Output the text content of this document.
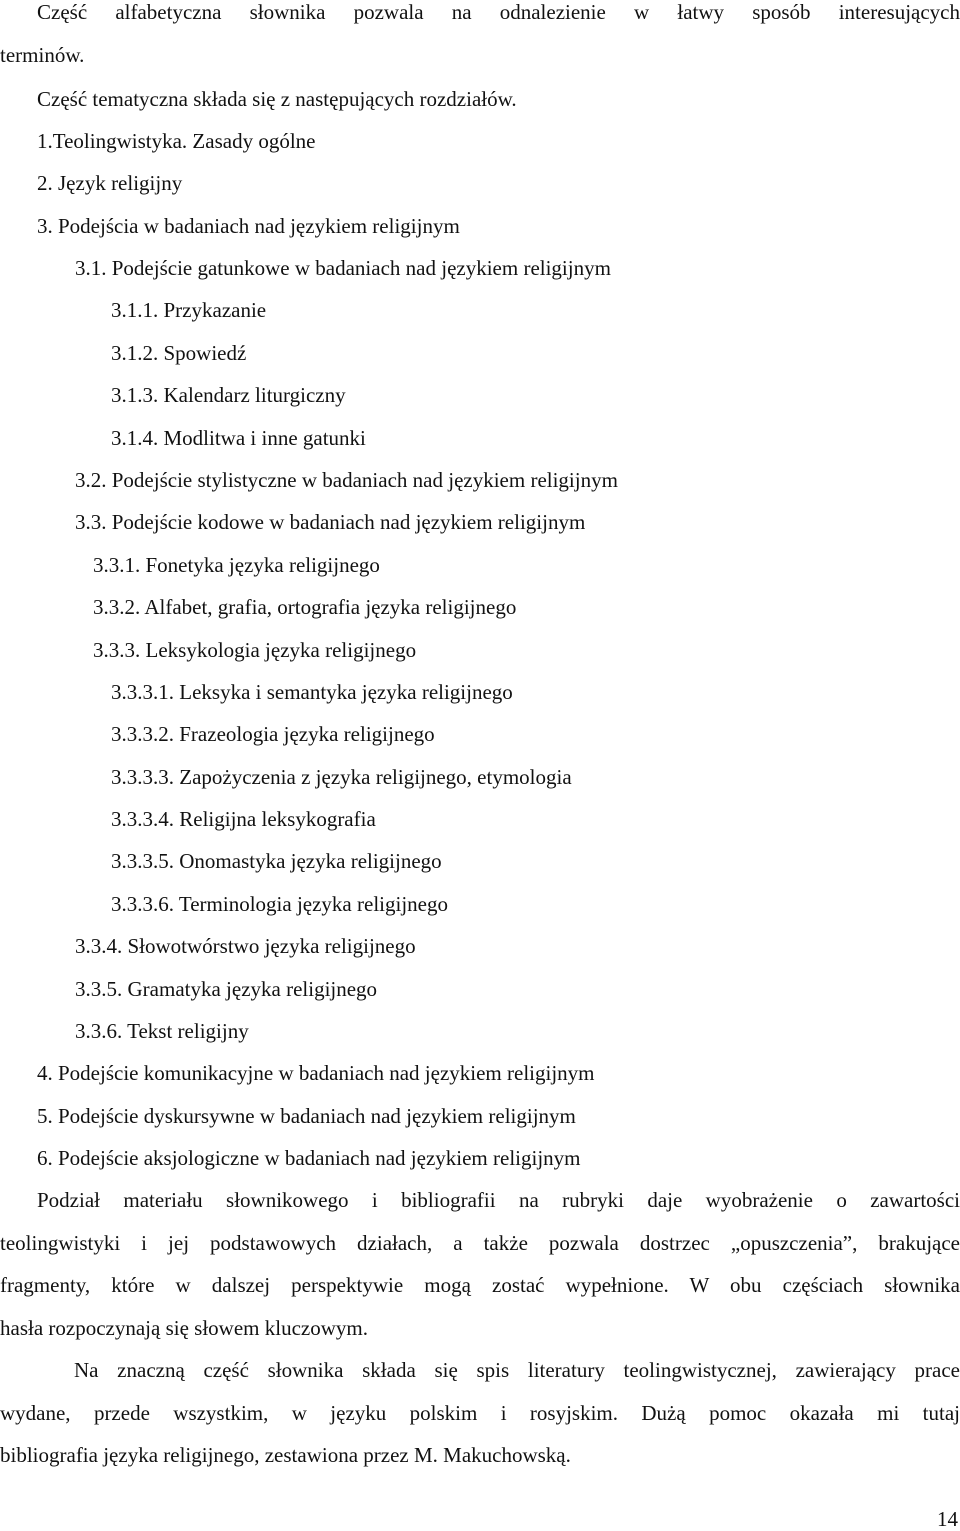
Część alfabetyczna słownika pozwala na odnalezienie w łatwy sposób interesujących
terminów.
Część tematyczna składa się z następujących rozdziałów.
1.Teolingwistyka. Zasady ogólne
2. Język religijny
3. Podejścia w badaniach nad językiem religijnym
3.1. Podejście gatunkowe w badaniach nad językiem religijnym
3.1.1. Przykazanie
3.1.2. Spowiedź
3.1.3. Kalendarz liturgiczny
3.1.4. Modlitwa i inne gatunki
3.2. Podejście stylistyczne w badaniach nad językiem religijnym
3.3. Podejście kodowe w badaniach nad językiem religijnym
3.3.1. Fonetyka języka religijnego
3.3.2. Alfabet, grafia, ortografia języka religijnego
3.3.3. Leksykologia języka religijnego
3.3.3.1. Leksyka i semantyka języka religijnego
3.3.3.2. Frazeologia języka religijnego
3.3.3.3. Zapożyczenia z języka religijnego, etymologia
3.3.3.4. Religijna leksykografia
3.3.3.5. Onomastyka języka religijnego
3.3.3.6. Terminologia języka religijnego
3.3.4. Słowotwórstwo języka religijnego
3.3.5. Gramatyka języka religijnego
3.3.6. Tekst religijny
4. Podejście komunikacyjne w badaniach nad językiem religijnym
5. Podejście dyskursywne w badaniach nad językiem religijnym
6. Podejście aksjologiczne w badaniach nad językiem religijnym
Podział materiału słownikowego i bibliografii na rubryki daje wyobrażenie o zawartości
teolingwistyki i jej podstawowych działach, a także pozwala dostrzec „opuszczenia”, brakujące
fragmenty, które w dalszej perspektywie mogą zostać wypełnione. W obu częściach słownika
hasła rozpoczynają się słowem kluczowym.
Na znaczną część słownika składa się spis literatury teolingwistycznej, zawierający prace
wydane, przede wszystkim, w języku polskim i rosyjskim. Dużą pomoc okazała mi tutaj
bibliografia języka religijnego, zestawiona przez M. Makuchowską.
14
